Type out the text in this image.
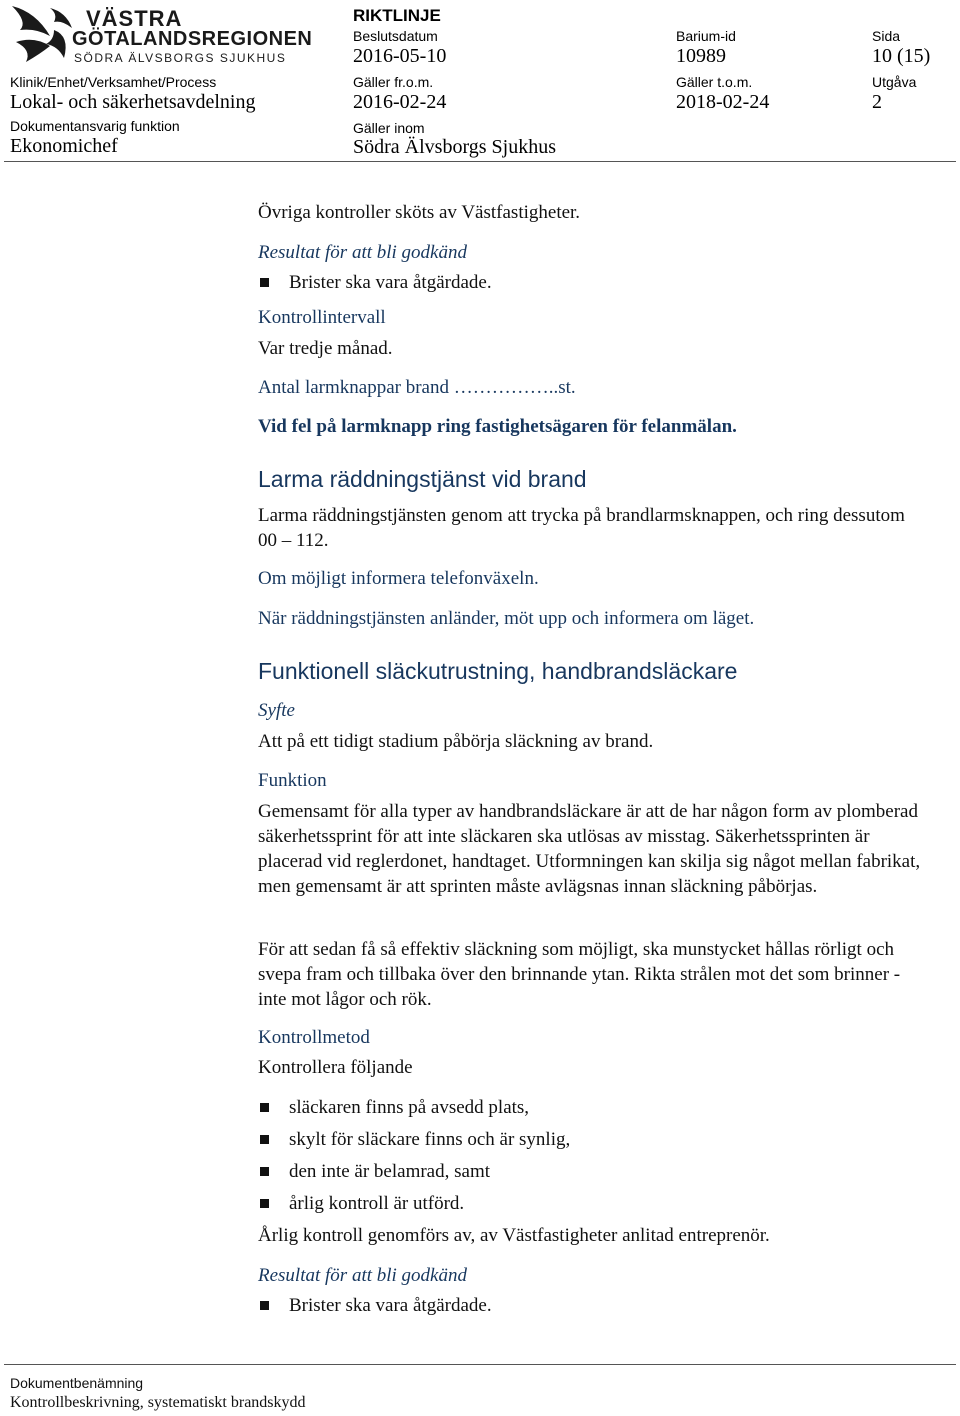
VÄSTRA
GÖTALANDSREGIONEN
SÖDRA ÄLVSBORGS SJUKHUS
RIKTLINJE
Klinik/Enhet/Verksamhet/Process
Lokal- och säkerhetsavdelning
Dokumentansvarig funktion
Ekonomichef
Beslutsdatum
2016-05-10
Gäller fr.o.m.
2016-02-24
Gäller inom
Södra Älvsborgs Sjukhus
Barium-id
10989
Gäller t.o.m.
2018-02-24
Sida
10 (15)
Utgåva
2
Övriga kontroller sköts av Västfastigheter.
Resultat för att bli godkänd
Brister ska vara åtgärdade.
Kontrollintervall
Var tredje månad.
Antal larmknappar brand ……………..st.
Vid fel på larmknapp ring fastighetsägaren för felanmälan.
Larma räddningstjänst vid brand
Larma räddningstjänsten genom att trycka på brandlarmsknappen, och ring dessutom 00 – 112.
Om möjligt informera telefonväxeln.
När räddningstjänsten anländer, möt upp och informera om läget.
Funktionell släckutrustning, handbrandsläckare
Syfte
Att på ett tidigt stadium påbörja släckning av brand.
Funktion
Gemensamt för alla typer av handbrandsläckare är att de har någon form av plomberad säkerhetssprint för att inte släckaren ska utlösas av misstag. Säkerhetssprinten är placerad vid reglerdonet, handtaget. Utformningen kan skilja sig något mellan fabrikat, men gemensamt är att sprinten måste avlägsnas innan släckning påbörjas.
För att sedan få så effektiv släckning som möjligt, ska munstycket hållas rörligt och svepa fram och tillbaka över den brinnande ytan. Rikta strålen mot det som brinner - inte mot lågor och rök.
Kontrollmetod
Kontrollera följande
släckaren finns på avsedd plats,
skylt för släckare finns och är synlig,
den inte är belamrad, samt
årlig kontroll är utförd.
Årlig kontroll genomförs av, av Västfastigheter anlitad entreprenör.
Resultat för att bli godkänd
Brister ska vara åtgärdade.
Dokumentbenämning
Kontrollbeskrivning, systematiskt brandskydd
